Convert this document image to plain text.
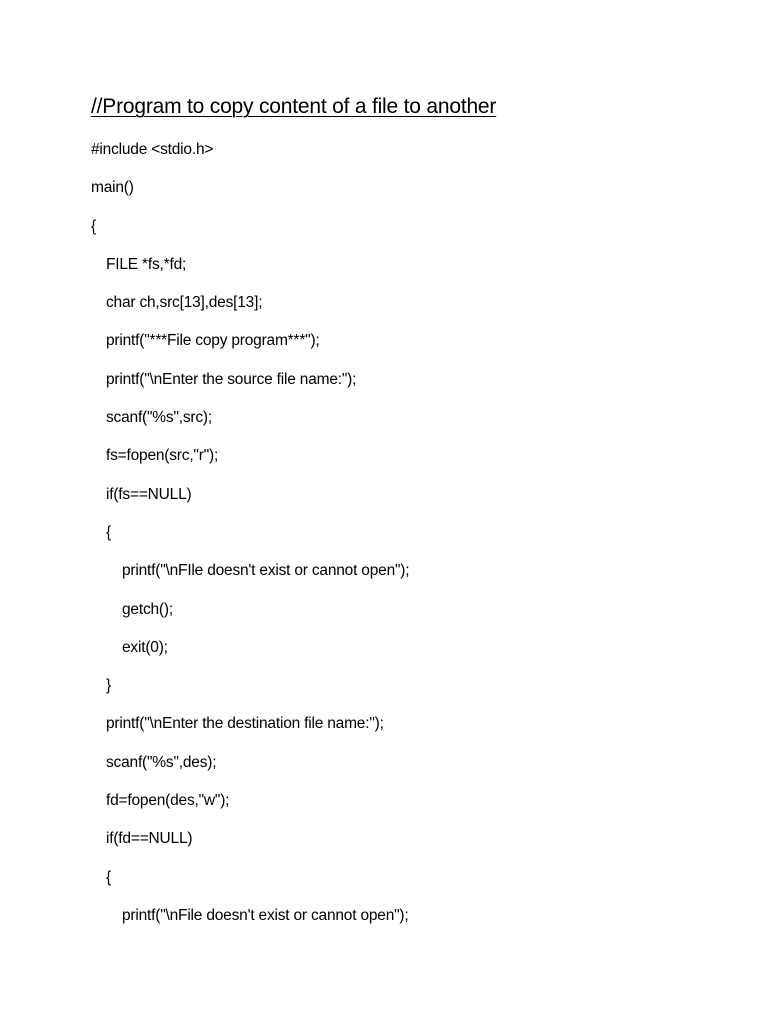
//Program to copy content of a file to another
#include <stdio.h>
main()
{
FILE *fs,*fd;
char ch,src[13],des[13];
printf("***File copy program***");
printf("\nEnter the source file name:");
scanf("%s",src);
fs=fopen(src,"r");
if(fs==NULL)
{
printf("\nFIle doesn't exist or cannot open");
getch();
exit(0);
}
printf("\nEnter the destination file name:");
scanf("%s",des);
fd=fopen(des,"w");
if(fd==NULL)
{
printf("\nFile doesn't exist or cannot open");
